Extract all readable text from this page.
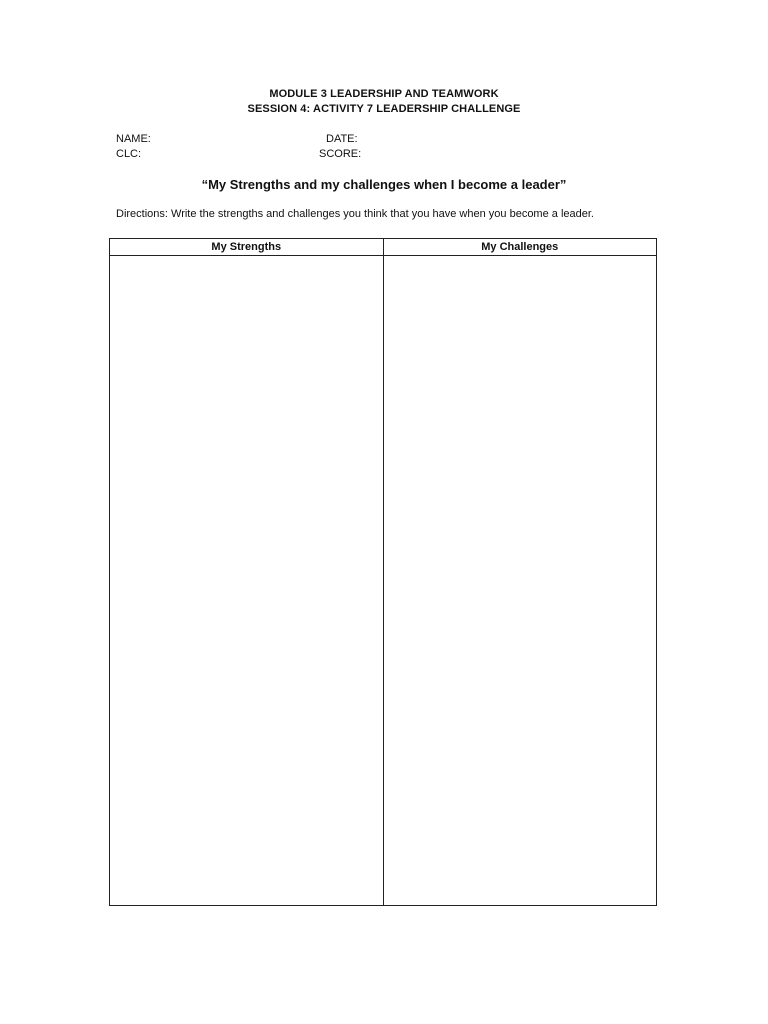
MODULE 3 LEADERSHIP AND TEAMWORK
SESSION 4: ACTIVITY 7 LEADERSHIP CHALLENGE
NAME:
CLC:
DATE:
SCORE:
“My Strengths and my challenges when I become a leader”
Directions: Write the strengths and challenges you think that you have when you become a leader.
My Strengths	My Challenges
